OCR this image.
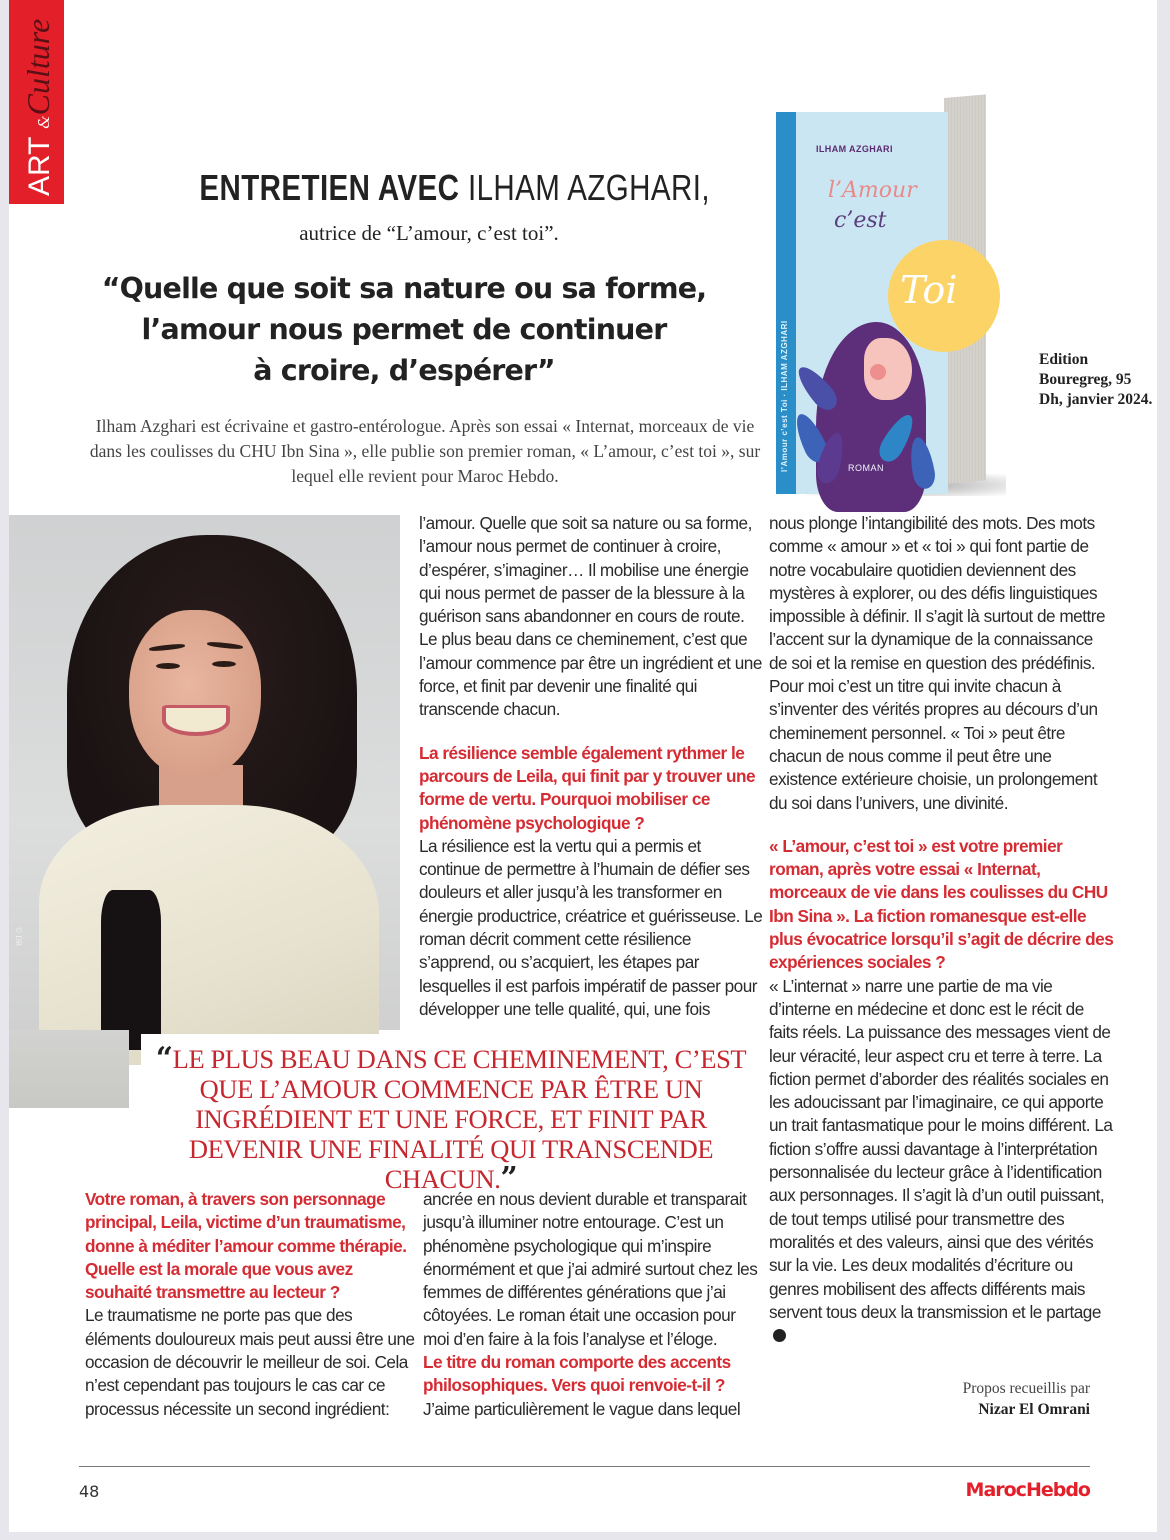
ART &Culture
ENTRETIEN AVEC ILHAM AZGHARI,
autrice de “L’amour, c’est toi”.
“Quelle que soit sa nature ou sa forme,
l’amour nous permet de continuer
à croire, d’espérer”
Ilham Azghari est écrivaine et gastro-entérologue. Après son essai « Internat, morceaux de vie dans les coulisses du CHU Ibn Sina », elle publie son premier roman, « L’amour, c’est toi », sur lequel elle revient pour Maroc Hebdo.
l’Amour c’est Toi · ILHAM AZGHARI
ILHAM AZGHARI
l’Amour
c’est
Toi
ROMAN
Edition Bouregreg, 95 Dh, janvier 2024.
© DR

l’amour. Quelle que soit sa nature ou sa forme, l’amour nous permet de continuer à croire, d’espérer, s’imaginer… Il mobilise une énergie qui nous permet de passer de la blessure à la guérison sans abandonner en cours de route. Le plus beau dans ce cheminement, c’est que l’amour commence par être un ingrédient et une force, et finit par devenir une finalité qui transcende chacun.

La résilience semble également rythmer le parcours de Leila, qui finit par y trouver une forme de vertu. Pourquoi mobiliser ce phénomène psychologique ?

La résilience est la vertu qui a permis et continue de permettre à l’humain de défier ses douleurs et aller jusqu’à les transformer en énergie productrice, créatrice et guérisseuse. Le roman décrit comment cette résilience s’apprend, ou s’acquiert, les étapes par lesquelles il est parfois impératif de passer pour développer une telle qualité, qui, une fois

nous plonge l’intangibilité des mots. Des mots comme « amour » et « toi » qui font partie de notre vocabulaire quotidien deviennent des mystères à explorer, ou des défis linguistiques impossible à définir. Il s’agit là surtout de mettre l’accent sur la dynamique de la connaissance de soi et la remise en question des prédéfinis. Pour moi c’est un titre qui invite chacun à s’inventer des vérités propres au décours d’un cheminement personnel. « Toi » peut être chacun de nous comme il peut être une existence extérieure choisie, un prolongement du soi dans l’univers, une divinité.

« L’amour, c’est toi » est votre premier roman, après votre essai « Internat, morceaux de vie dans les coulisses du CHU Ibn Sina ». La fiction romanesque est-elle plus évocatrice lorsqu’il s’agit de décrire des expériences sociales ?

« L’internat » narre une partie de ma vie d’interne en médecine et donc est le récit de faits réels. La puissance des messages vient de leur véracité, leur aspect cru et terre à terre. La fiction permet d’aborder des réalités sociales en les adoucissant par l’imaginaire, ce qui apporte un trait fantasmatique pour le moins différent. La fiction s’offre aussi davantage à l’interprétation personnalisée du lecteur grâce à l’identification aux personnages. Il s’agit là d’un outil puissant, de tout temps utilisé pour transmettre des moralités et des valeurs, ainsi que des vérités sur la vie. Les deux modalités d’écriture ou genres mobilisent des affects différents mais servent tous deux la transmission et le partage

“LE PLUS BEAU DANS CE CHEMINEMENT, C’EST QUE L’AMOUR COMMENCE PAR ÊTRE UN INGRÉDIENT ET UNE FORCE, ET FINIT PAR DEVENIR UNE FINALITÉ QUI TRANSCENDE CHACUN.”

Votre roman, à travers son personnage principal, Leila, victime d’un traumatisme, donne à méditer l’amour comme thérapie. Quelle est la morale que vous avez souhaité transmettre au lecteur ?

Le traumatisme ne porte pas que des éléments douloureux mais peut aussi être une occasion de découvrir le meilleur de soi. Cela n’est cependant pas toujours le cas car ce processus nécessite un second ingrédient:

ancrée en nous devient durable et transparait jusqu’à illuminer notre entourage. C’est un phénomène psychologique qui m’inspire énormément et que j’ai admiré surtout chez les femmes de différentes générations que j’ai côtoyées. Le roman était une occasion pour moi d’en faire à la fois l’analyse et l’éloge.

Le titre du roman comporte des accents philosophiques. Vers quoi renvoie-t-il ?

J’aime particulièrement le vague dans lequel

Propos recueillis par
Nizar El Omrani
48	MarocHebdo
